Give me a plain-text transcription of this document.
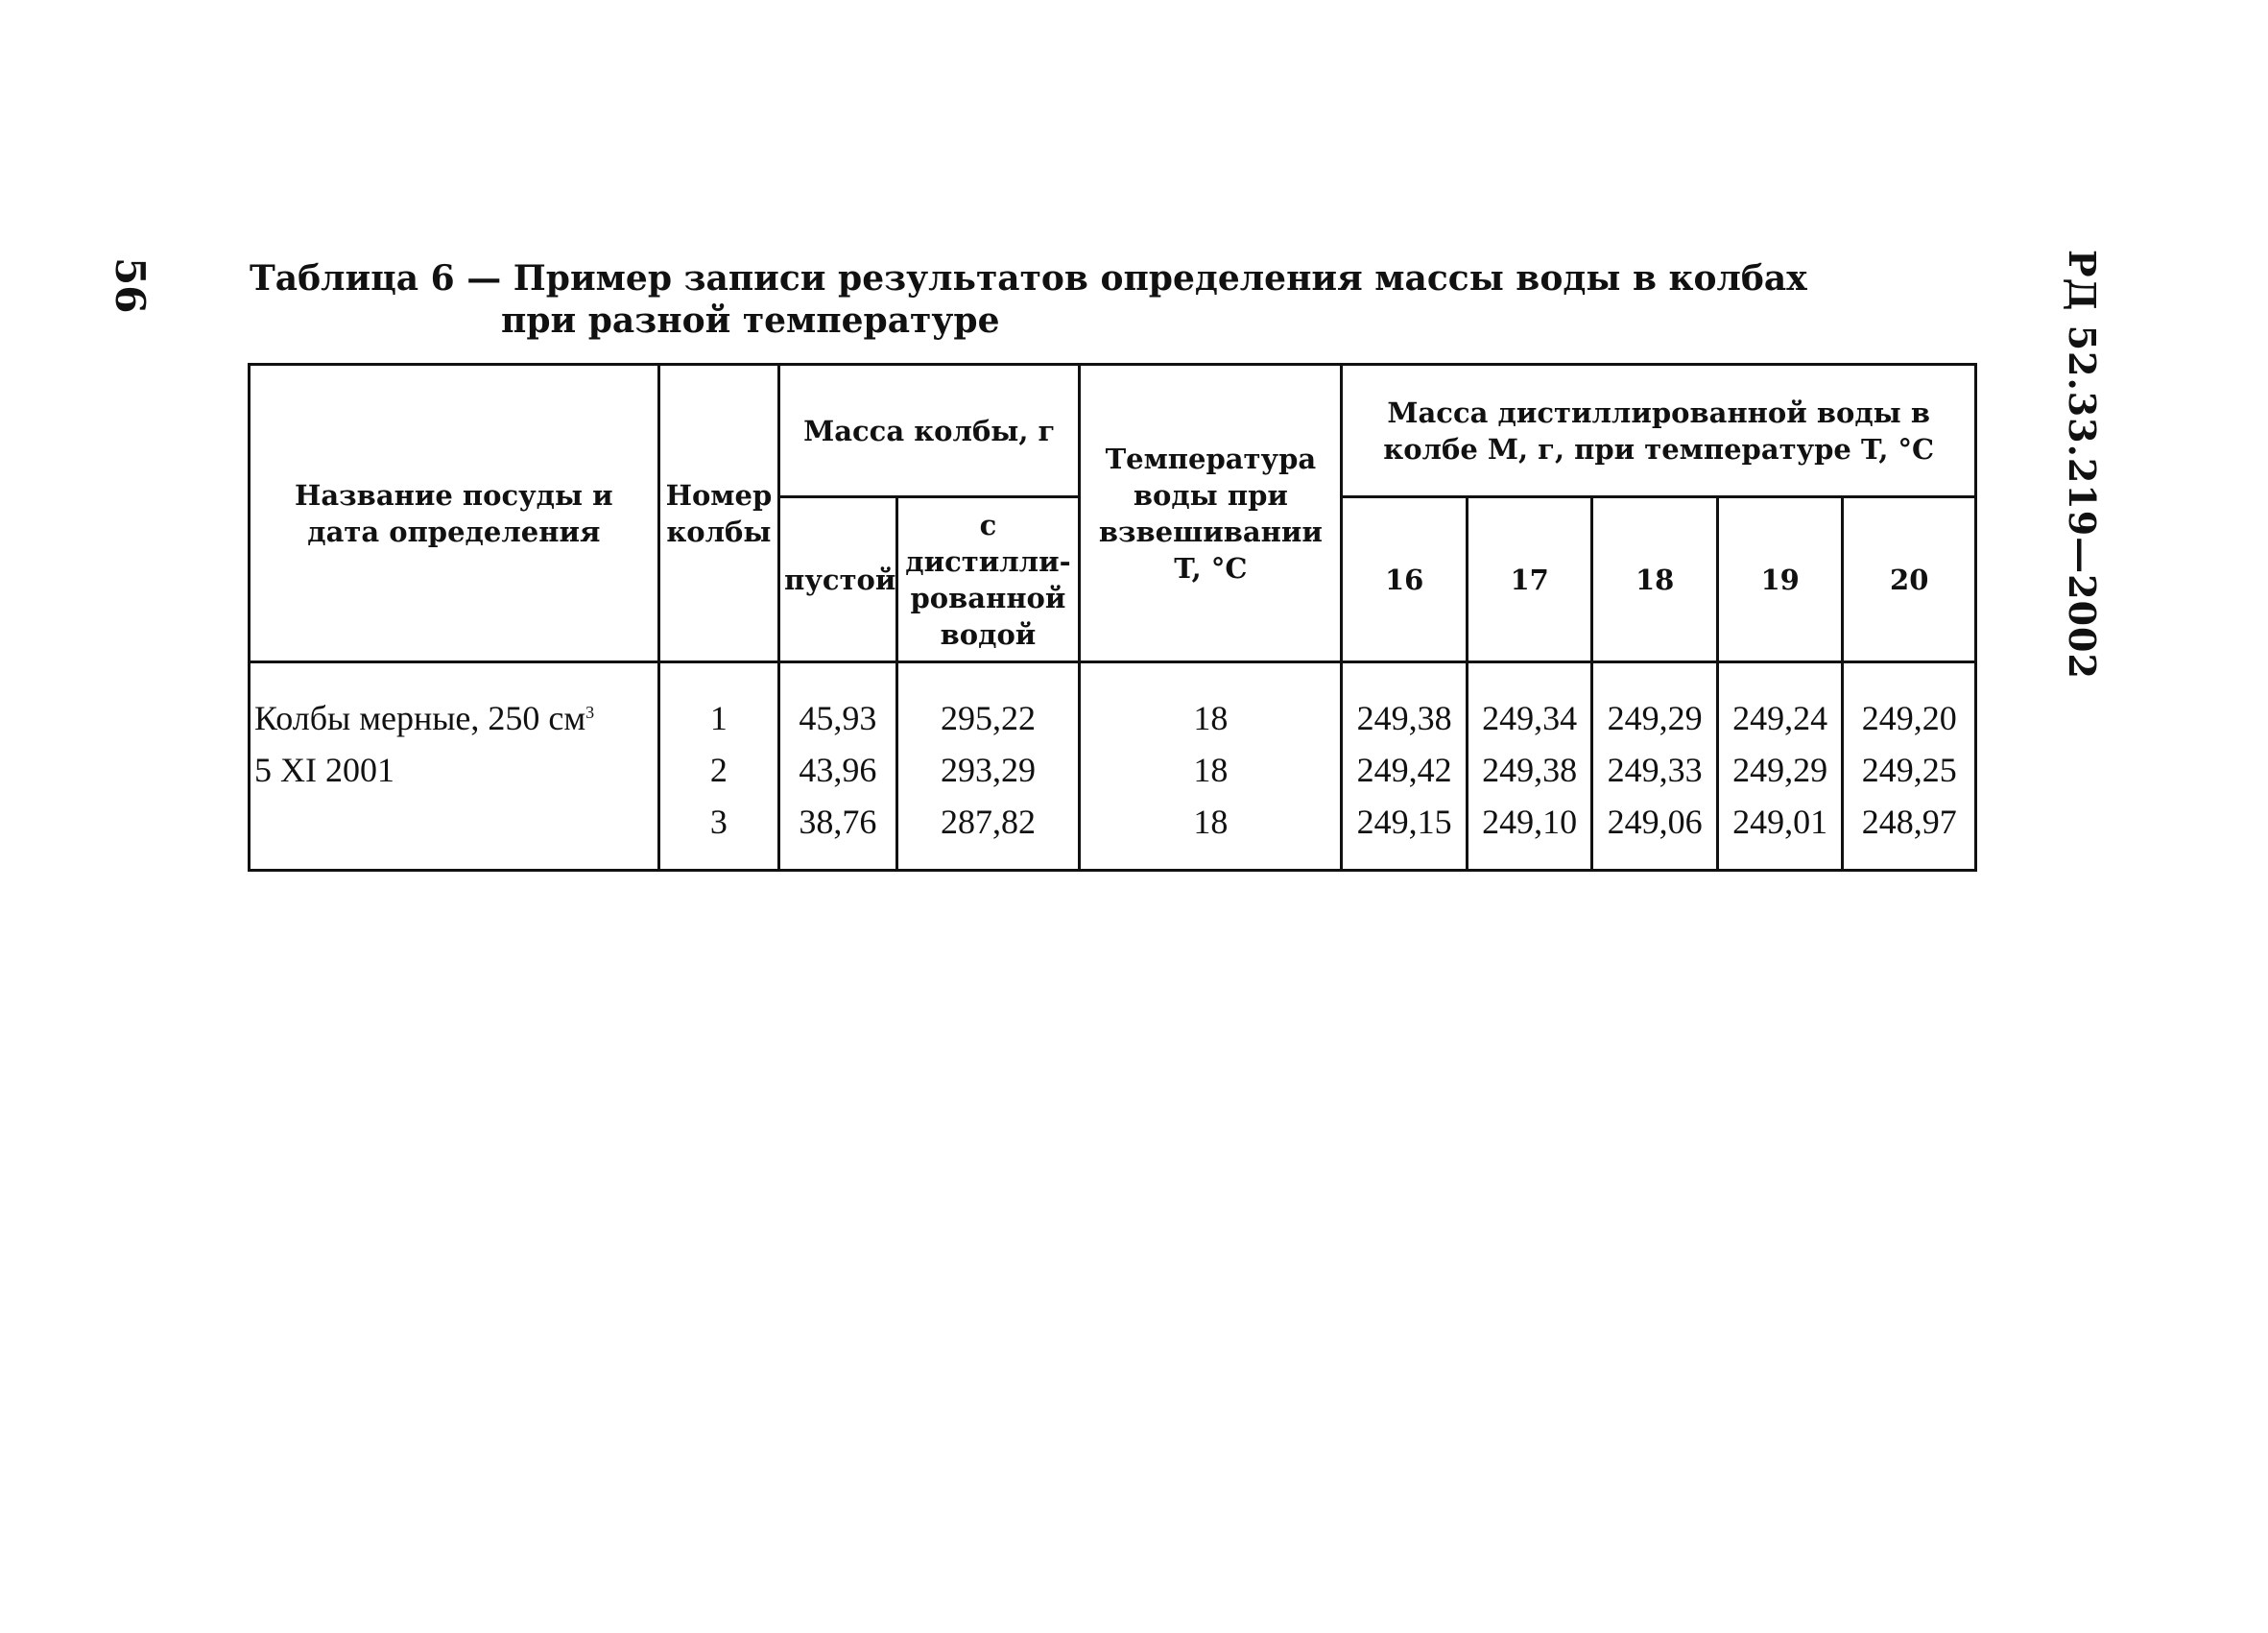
56	РД 52.33.219—2002
Таблица 6 — Пример записи результатов определения массы воды в колбах
при разной температуре
Название посуды и дата определения	Номер колбы	Масса колбы, г		Температура воды при взвешивании T, °C	Масса дистиллированной воды в колбе M, г, при температуре T, °C				
		пустой	с дистилли-рованной водой		16	17	18	19	20
Колбы мерные, 250 $см^3$	1	45,93	295,22	18	249,38	249,34	249,29	249,24	249,20
5 XI 2001	2	43,96	293,29	18	249,42	249,38	249,33	249,29	249,25
	3	38,76	287,82	18	249,15	249,10	249,06	249,01	248,97
